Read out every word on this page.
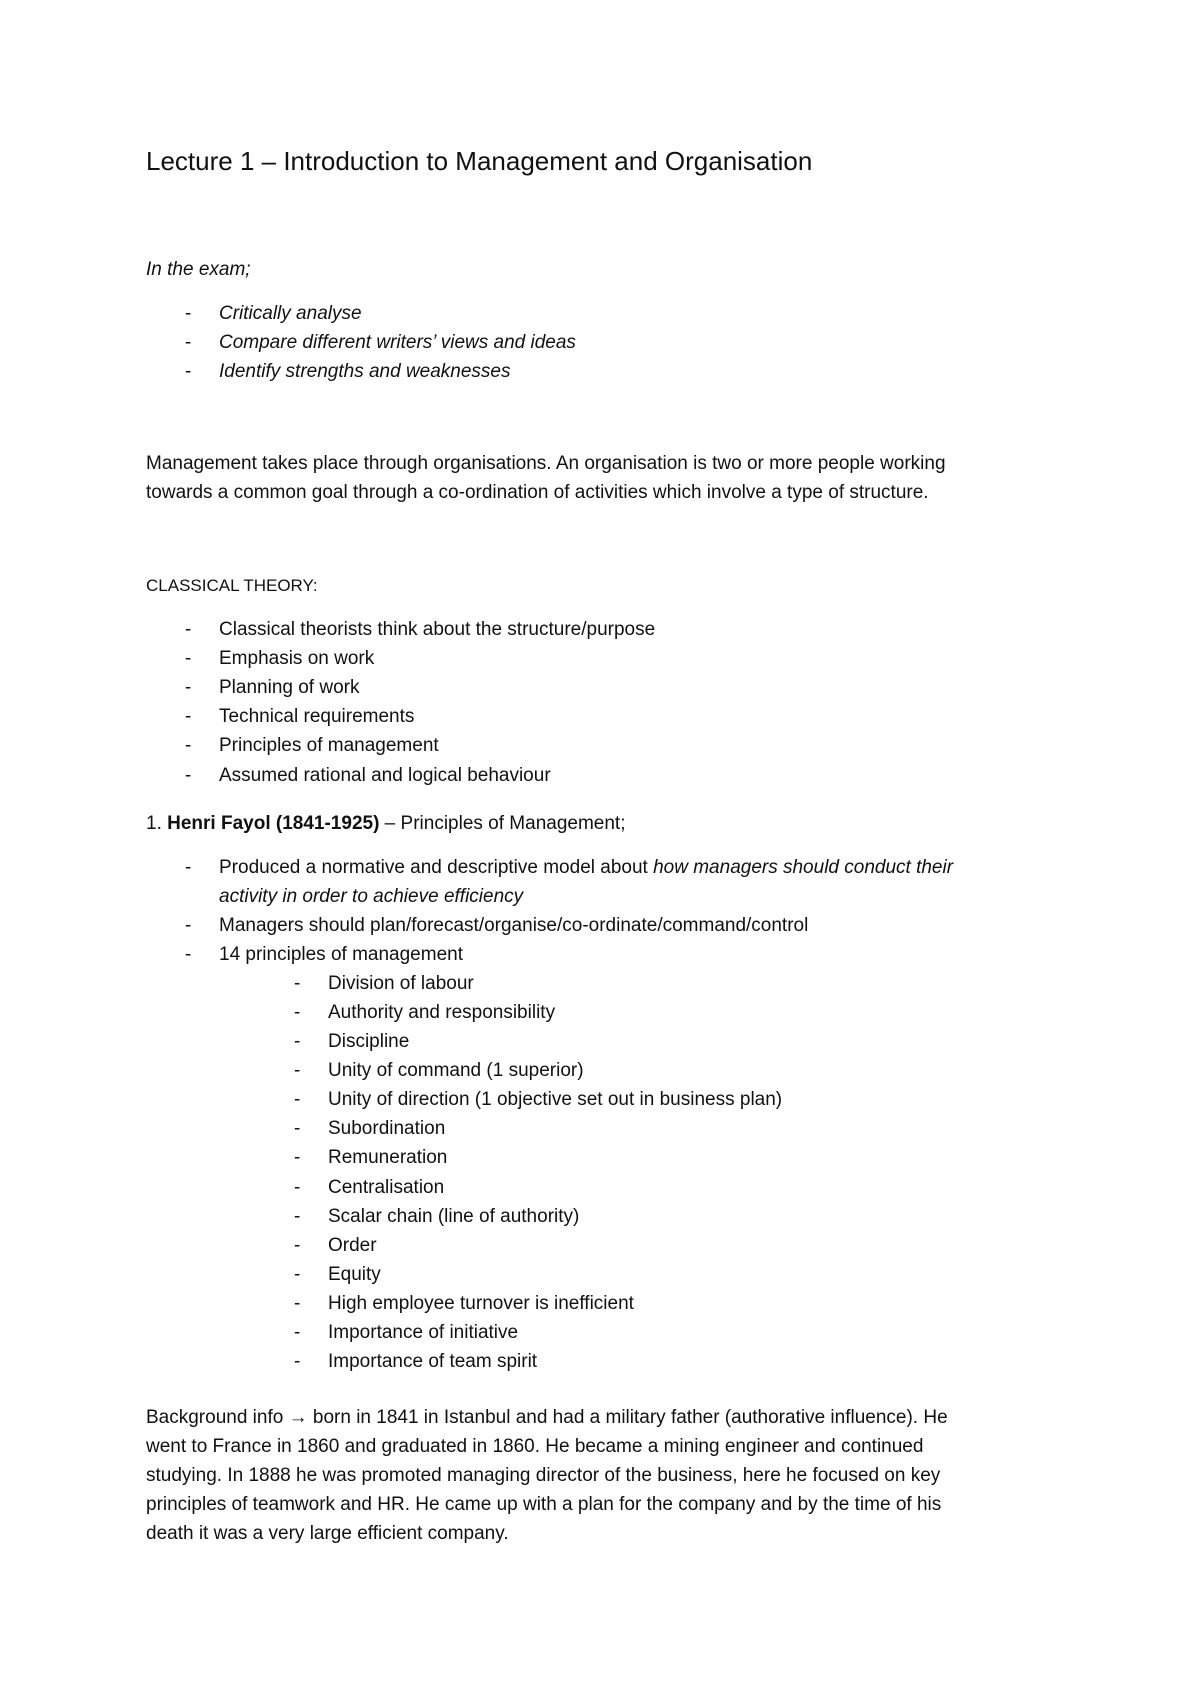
Lecture 1 – Introduction to Management and Organisation
In the exam;
- Critically analyse
- Compare different writers’ views and ideas
- Identify strengths and weaknesses
Management takes place through organisations. An organisation is two or more people working
towards a common goal through a co-ordination of activities which involve a type of structure.
CLASSICAL THEORY:
- Classical theorists think about the structure/purpose
- Emphasis on work
- Planning of work
- Technical requirements
- Principles of management
- Assumed rational and logical behaviour
1. Henri Fayol (1841-1925) – Principles of Management;
- Produced a normative and descriptive model about how managers should conduct their
activity in order to achieve efficiency
- Managers should plan/forecast/organise/co-ordinate/command/control
- 14 principles of management
- Division of labour
- Authority and responsibility
- Discipline
- Unity of command (1 superior)
- Unity of direction (1 objective set out in business plan)
- Subordination
- Remuneration
- Centralisation
- Scalar chain (line of authority)
- Order
- Equity
- High employee turnover is inefficient
- Importance of initiative
- Importance of team spirit
Background info → born in 1841 in Istanbul and had a military father (authorative influence). He
went to France in 1860 and graduated in 1860. He became a mining engineer and continued
studying. In 1888 he was promoted managing director of the business, here he focused on key
principles of teamwork and HR. He came up with a plan for the company and by the time of his
death it was a very large efficient company.
